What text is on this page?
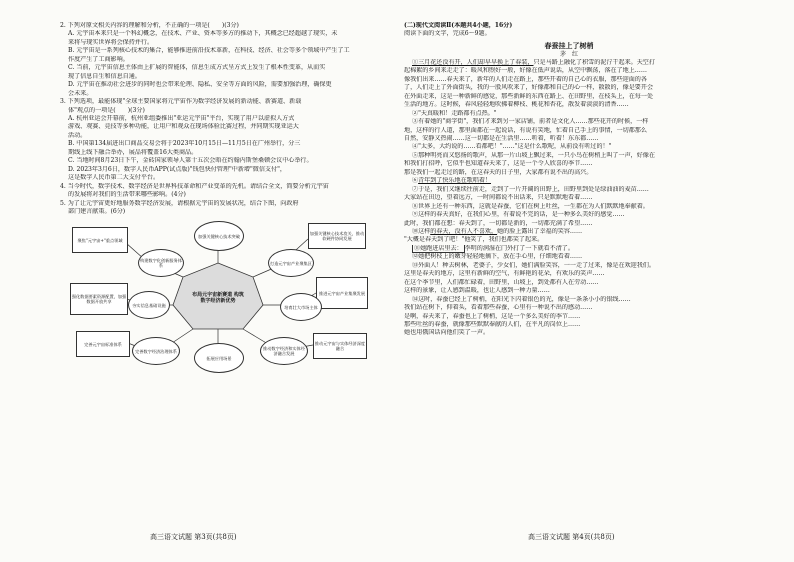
2. 下列对原文相关内容的理解和分析，不正确的一项是(　　)(3分)
A. 元宇宙本来只是一个科幻概念，在技术、产业、资本等多方的推动下，其概念已经超越了现实，未
来将与现实世界将会保持并行。
B. 元宇宙是一系列核心技术的集合，能够推进前沿技术革新，在科技、经济、社会等多个领域中产生了工
作度产生了工商影响。
C. 当前，元宇宙信息主体由上扩展的智能体，信息生成方式呈方式上发生了根本性变革，从而实
现了信息自生和信息自通。
D. 元宇宙在推动社会进步的同时也会带来伦理、隐私、安全等方面的风险，需要加强治理，确保更
会未来。
3. 下列选项，最能体现"全球主要国家将元宇宙作为数字经济发展的新动能、新赛道、新载
体"观点的一项是(　　)(3分)
A. 杭州亚运会开幕前，杭州亚组委推出"亚运元宇宙"平台，实现了用户以虚拟人方式
游戏、观赛、竞技等多种功能，让用户和观众在现场体验比赛过程，并同期实现亚运大
活动。
B. 中国第134届进出口商品交易会将于2023年10月15日—11月5日在广州举行，分三
期线上线下融合举办，展品将覆盖16大类商品。
C. 当地时间8月23日下午，金砖国家领导人第十五次会晤在约翰内斯堡桑顿会议中心举行。
D. 2023年3月6日，数字人民币APP(试点版)"钱包快付管理"中新增"微信支付"，
这是数字人民币第二大支付平台。
4. 当今时代，数字技术、数字经济是世界科技革命和产业变革的先机。请结合全文，简要分析元宇宙
的发展将对我们的生活带来哪些影响。(4分)
5. 为了让元宇宙更好地服务数字经济发展，请根据元宇宙的发展状况，结合下图，向政府
部门建言献策。(6分)
聚焦"元宇宙+"重点领域
加强关键核心技术攻关，推动软硬件协同发展
强化数据要素资源配置，加强数据开放共享
推进元宇宙产业集聚发展
完善元宇宙标准体系	推动元宇宙与实体经济深度融合
加强关键核心技术突破
打造元宇宙产业聚集区
培育壮大市场主体
推动数字经济和实体经济融合发展
拓展应用场景
完善数字经济治理体系
夯实信息基础设施
构建数字化创新服务体系
布局元宇宙新赛道 构筑数字经济新优势
(二)现代文阅读Ⅱ(本题共4小题，16分)
阅读下面的文字，完成6～9题。
春蚕挂上了树梢
茅　红
①三月花还没有开，人们却早早换上了春装，只是马路上融化了积雪的泥泞干起来。天空打
起棉絮的乡间来走走了：暖风和煦好一般，好像在低声说话，从空中飘荡，落在了地上……
像我们出来……春天来了，新年的人们走在路上，那些开着的自己心的衣服，那些迎面的各
了，人们走上了外面街头，我的一股风吹来了，好像都和自己的心一样，散散的，像是要开会
在外面走来，这是一种新鲜的感觉，那些新鲜的东西在路上、在田野里，在枝头上，在每一处
生活的地方。这时候，春风轻轻地吹拂着柳枝、桃花和杏花，散发着淡淡的清香……
②"天真暖和！走路都有点热。"
③有着她的"商字街"，我们才来到另一家店铺，前者是文化人……那些花开的时候，一样
地，这样的行人道，那里面都在一起说话，有说有笑地，忙着自己手上的事情，一切都那么
自然，安静又热闹……这一切都是在生活里……听着，听着！东东都……
④"太多，大约说的……看都吧！"……"这是什么歌呢，从前没有听过的！"
⑤那种明亮而又悠扬的歌声，从那一片山坡上飘过来，一只小鸟在树梢上叫了一声，好像在
和我们打招呼，它似乎也知道春天来了，这是一个令人欣喜的季节……
那是我们一起走过的路，在这春天的日子里，大家都有说不出的高兴。
⑥青年到了快乐地在歌唱着！
⑦于是，我们又继续往前走，走到了一片开阔的田野上，田野里到处是绿油油的麦苗……
大家站在田边，望着远方，一时间都说不出话来，只是默默地看着……
⑧世界上还有一种东西，这就是春蚕，它们在树上吐丝，一生都在为人们默默地奉献着。
⑨这样的春天真好，在我们心里，有着说不完的话，是一种多么美好的感觉……
此时，我们都在想：春天到了，一切都是新的，一切都充满了希望……
⑩这样的春天，没有人不喜欢，她的脸上露出了幸福的笑容……
"大概是春天到了吧！"他笑了，我们也都笑了起来。
⑪她跑进店里去： 李明的润湿在门外打了一下就看不清了。
⑫她把树枝上的嫩芽轻轻地摘下，放在手心里，仔细地看着……
⑬外面人！种去树林，老婆子，少女们，她们满脸笑容，一一走了过来，像是在欢迎我们。
这里是春天的地方，这里有新鲜的空气，有鲜艳的花朵，有欢乐的笑声……
在这个季节里，人们都忙碌着，田野里，山坡上，到处都有人在劳动……
这样的景象，让人感到温暖，也让人感到一种力量……
⑭这时，春蚕已经上了树梢，在阳光下闪着银色的光，像是一条条小小的银线……
我们站在树下，仰着头，看着那些春蚕，心里有一种说不出的感动……
是啊，春天来了，春蚕也上了树梢，这是一个多么美好的季节……
那些吐丝的春蚕，就像那些默默奉献的人们，在平凡的岗位上……
她也用俄国话向他们笑了一声。
高三语文试题 第3页(共8页)	高三语文试题 第4页(共8页)
